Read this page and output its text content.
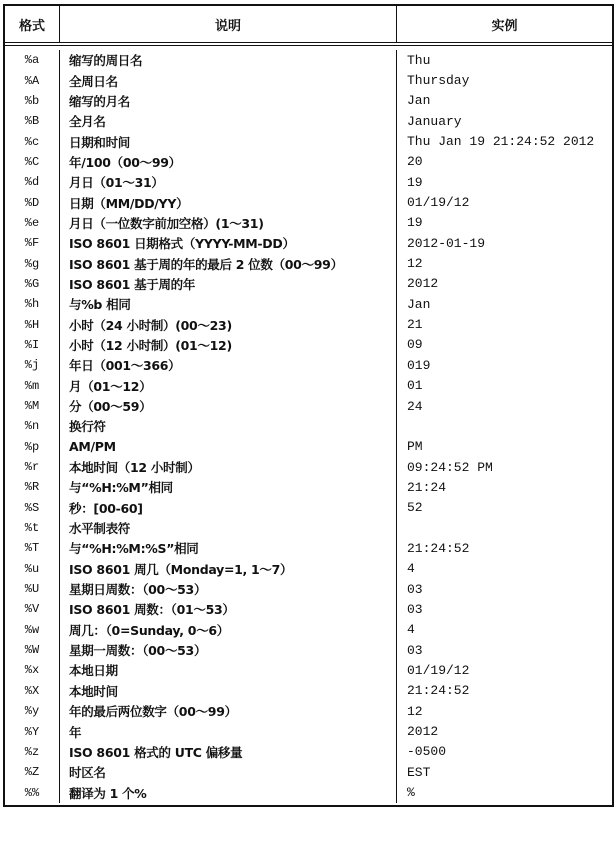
格式	说明	实例
%a	缩写的周日名	Thu
%A	全周日名	Thursday
%b	缩写的月名	Jan
%B	全月名	January
%c	日期和时间	Thu Jan 19 21:24:52 2012
%C	年/100（00～99）	20
%d	月日（01～31）	19
%D	日期（MM/DD/YY）	01/19/12
%e	月日（一位数字前加空格）(1～31)	19
%F	ISO 8601 日期格式（YYYY-MM-DD）	2012-01-19
%g	ISO 8601 基于周的年的最后 2 位数（00～99）	12
%G	ISO 8601 基于周的年	2012
%h	与%b 相同	Jan
%H	小时（24 小时制）(00～23)	21
%I	小时（12 小时制）(01～12)	09
%j	年日（001～366）	019
%m	月（01～12）	01
%M	分（00～59）	24
%n	换行符
%p	AM/PM	PM
%r	本地时间（12 小时制）	09:24:52 PM
%R	与“%H:%M”相同	21:24
%S	秒：[00-60]	52
%t	水平制表符
%T	与“%H:%M:%S”相同	21:24:52
%u	ISO 8601 周几（Monday=1, 1～7）	4
%U	星期日周数：（00～53）	03
%V	ISO 8601 周数：（01～53）	03
%w	周几：（0=Sunday, 0～6）	4
%W	星期一周数：（00～53）	03
%x	本地日期	01/19/12
%X	本地时间	21:24:52
%y	年的最后两位数字（00～99）	12
%Y	年	2012
%z	ISO 8601 格式的 UTC 偏移量	-0500
%Z	时区名	EST
%%	翻译为 1 个%	%
